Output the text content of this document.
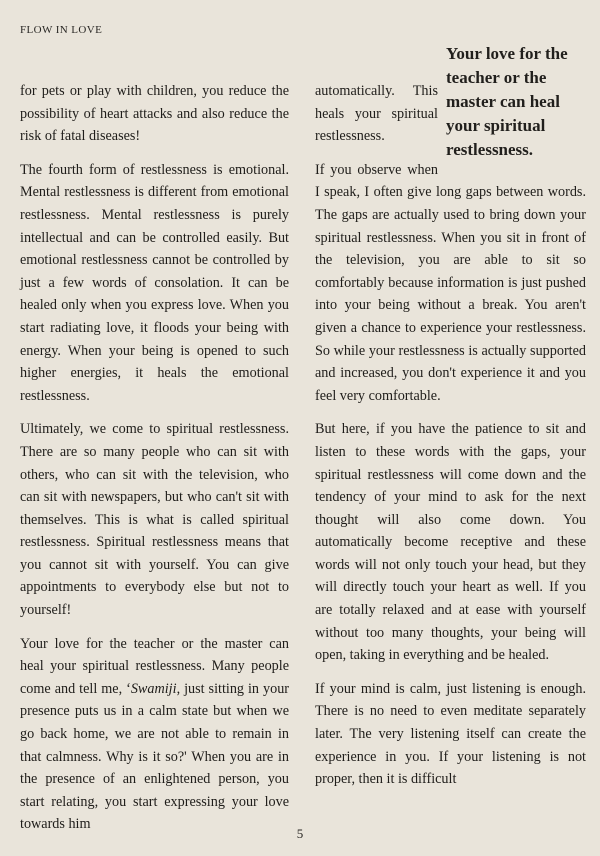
FLOW IN LOVE

for pets or play with children, you reduce the possibility of heart attacks and also reduce the risk of fatal diseases!

The fourth form of restlessness is emotional. Mental restlessness is different from emotional restlessness. Mental restlessness is purely intellectual and can be controlled easily. But emotional restlessness cannot be controlled by just a few words of consolation. It can be healed only when you express love. When you start radiating love, it floods your being with energy. When your being is opened to such higher energies, it heals the emotional restlessness.

Ultimately, we come to spiritual restlessness. There are so many people who can sit with others, who can sit with the television, who can sit with newspapers, but who can't sit with themselves. This is what is called spiritual restlessness. Spiritual restlessness means that you cannot sit with yourself. You can give appointments to everybody else but not to yourself!

Your love for the teacher or the master can heal your spiritual restlessness. Many people come and tell me, ‘Swamiji, just sitting in your presence puts us in a calm state but when we go back home, we are not able to remain in that calmness. Why is it so?' When you are in the presence of an enlightened person, you start relating, you start expressing your love towards him

Your love for the teacher or the master can heal your spiritual restlessness.

automatically. This heals your spiritual restlessness.

If you observe when I speak, I often give long gaps between words. The gaps are actually used to bring down your spiritual restlessness. When you sit in front of the television, you are able to sit so comfortably because information is just pushed into your being without a break. You aren't given a chance to experience your restlessness. So while your restlessness is actually supported and increased, you don't experience it and you feel very comfortable.

But here, if you have the patience to sit and listen to these words with the gaps, your spiritual restlessness will come down and the tendency of your mind to ask for the next thought will also come down. You automatically become receptive and these words will not only touch your head, but they will directly touch your heart as well. If you are totally relaxed and at ease with yourself without too many thoughts, your being will open, taking in everything and be healed.

If your mind is calm, just listening is enough. There is no need to even meditate separately later. The very listening itself can create the experience in you. If your listening is not proper, then it is difficult

5
